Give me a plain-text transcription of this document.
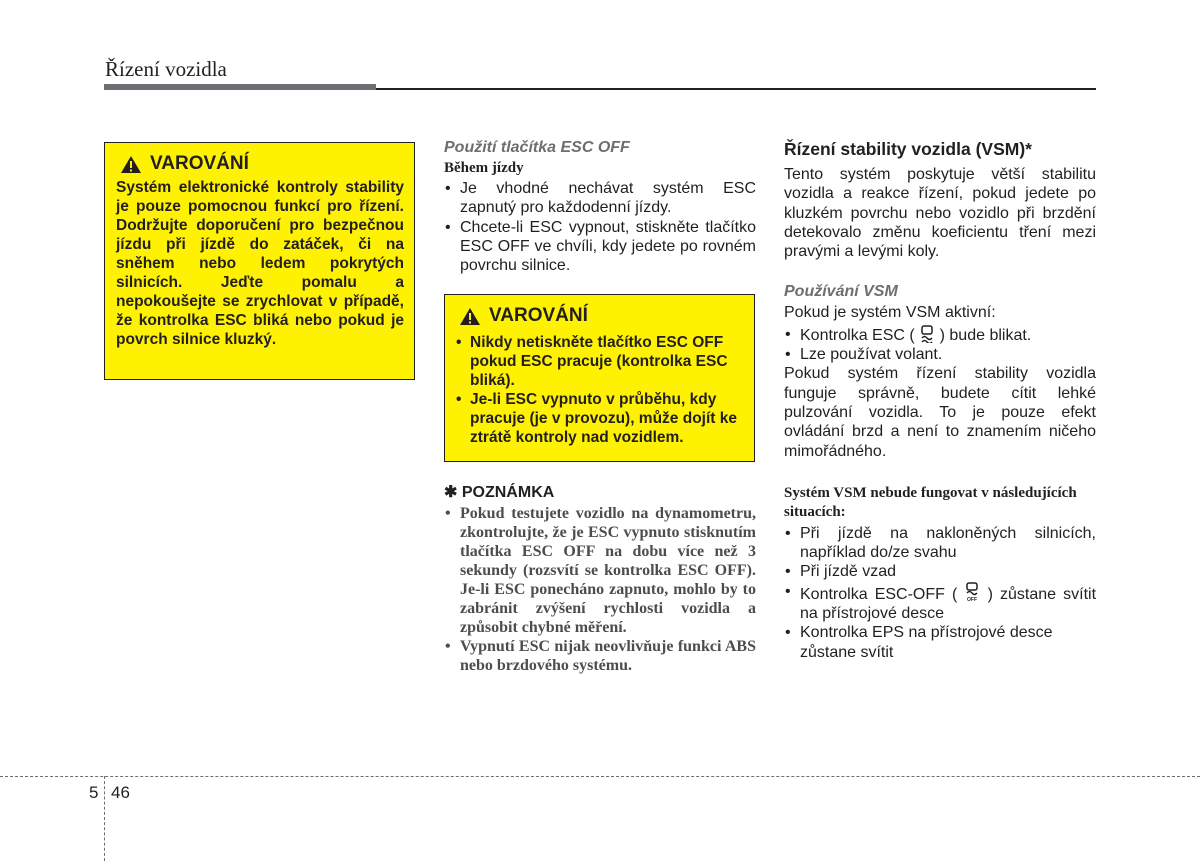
Řízení vozidla
VAROVÁNÍ
Systém elektronické kontroly stability je pouze pomocnou funkcí pro řízení. Dodržujte doporučení pro bezpečnou jízdu při jízdě do zatáček, či na sněhem nebo ledem pokrytých silnicích. Jeďte pomalu a nepokoušejte se zrychlovat v případě, že kontrolka ESC bliká nebo pokud je povrch silnice kluzký.
Použití tlačítka ESC OFF
Během jízdy
• Je vhodné nechávat systém ESC zapnutý pro každodenní jízdy.
• Chcete-li ESC vypnout, stiskněte tlačítko ESC OFF ve chvíli, kdy jedete po rovném povrchu silnice.
VAROVÁNÍ
• Nikdy netiskněte tlačítko ESC OFF pokud ESC pracuje (kontrolka ESC bliká).
• Je-li ESC vypnuto v průběhu, kdy pracuje (je v provozu), může dojít ke ztrátě kontroly nad vozidlem.
✱ POZNÁMKA
• Pokud testujete vozidlo na dynamometru, zkontrolujte, že je ESC vypnuto stisknutím tlačítka ESC OFF na dobu více než 3 sekundy (rozsvítí se kontrolka ESC OFF). Je-li ESC ponecháno zapnuto, mohlo by to zabránit zvýšení rychlosti vozidla a způsobit chybné měření.
• Vypnutí ESC nijak neovlivňuje funkci ABS nebo brzdového systému.
Řízení stability vozidla (VSM)*
Tento systém poskytuje větší stabilitu vozidla a reakce řízení, pokud jedete po kluzkém povrchu nebo vozidlo při brzdění detekovalo změnu koeficientu tření mezi pravými a levými koly.
Používání VSM
Pokud je systém VSM aktivní:
• Kontrolka ESC ( ) bude blikat.
• Lze používat volant.
Pokud systém řízení stability vozidla funguje správně, budete cítit lehké pulzování vozidla. To je pouze efekt ovládání brzd a není to znamením ničeho mimořádného.
Systém VSM nebude fungovat v následujících situacích:
• Při jízdě na nakloněných silnicích, například do/ze svahu
• Při jízdě vzad
• Kontrolka ESC-OFF ( OFF ) zůstane svítit na přístrojové desce
• Kontrolka EPS na přístrojové desce zůstane svítit
5 46
